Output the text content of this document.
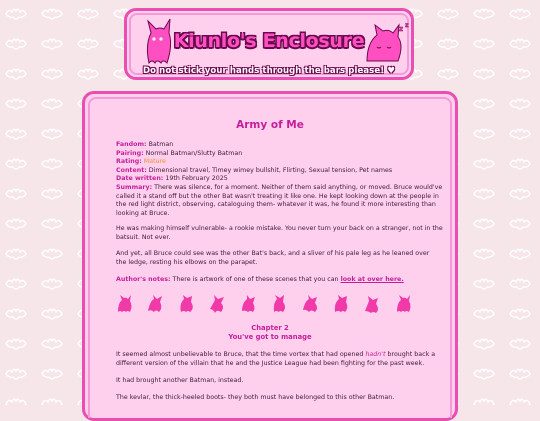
z z
Kiunlo's Enclosure
Do not stick your hands through the bars please! ♥
Army of Me
Fandom: Batman
Pairing: Normal Batman/Slutty Batman
Rating: Mature
Content: Dimensional travel, Timey wimey bullshit, Flirting, Sexual tension, Pet names
Date written: 19th February 2025
Summary: There was silence, for a moment. Neither of them said anything, or moved. Bruce would've
called it a stand off but the other Bat wasn't treating it like one. He kept looking down at the people in
the red light district, observing, cataloguing them- whatever it was, he found it more interesting than
looking at Bruce.
He was making himself vulnerable- a rookie mistake. You never turn your back on a stranger, not in the
batsuit. Not ever.
And yet, all Bruce could see was the other Bat's back, and a sliver of his pale leg as he leaned over
the ledge, resting his elbows on the parapet.
Author's notes: There is artwork of one of these scenes that you can look at over here.
It seemed almost unbelievable to Bruce, that the time vortex that had opened hadn't brought back a
different version of the villain that he and the Justice League had been fighting for the past week.
It had brought another Batman, instead.
The kevlar, the thick-heeled boots- they both must have belonged to this other Batman.
Chapter 2
You've got to manage
